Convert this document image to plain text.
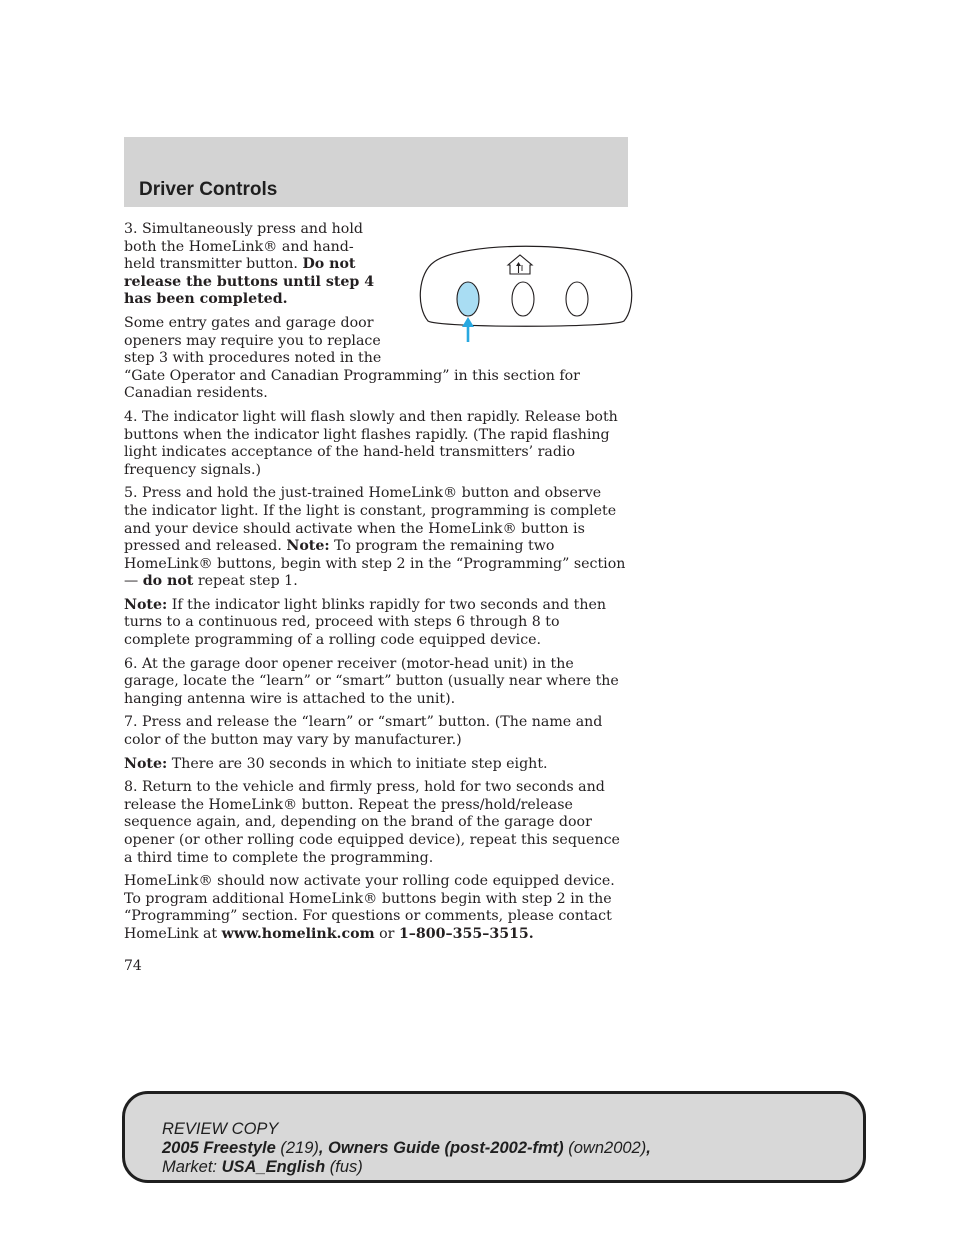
Driver Controls

3. Simultaneously press and hold both the HomeLink® and hand-held transmitter button. Do not release the buttons until step 4 has been completed.

Some entry gates and garage door openers may require you to replace step 3 with procedures noted in the

“Gate Operator and Canadian Programming” in this section for Canadian residents.

4. The indicator light will flash slowly and then rapidly. Release both buttons when the indicator light flashes rapidly. (The rapid flashing light indicates acceptance of the hand-held transmitters’ radio frequency signals.)

5. Press and hold the just-trained HomeLink® button and observe the indicator light. If the light is constant, programming is complete and your device should activate when the HomeLink® button is pressed and released. Note: To program the remaining two HomeLink® buttons, begin with step 2 in the “Programming” section — do not repeat step 1.

Note: If the indicator light blinks rapidly for two seconds and then turns to a continuous red, proceed with steps 6 through 8 to complete programming of a rolling code equipped device.

6. At the garage door opener receiver (motor-head unit) in the garage, locate the “learn” or “smart” button (usually near where the hanging antenna wire is attached to the unit).

7. Press and release the “learn” or “smart” button. (The name and color of the button may vary by manufacturer.)

Note: There are 30 seconds in which to initiate step eight.

8. Return to the vehicle and firmly press, hold for two seconds and release the HomeLink® button. Repeat the press/hold/release sequence again, and, depending on the brand of the garage door opener (or other rolling code equipped device), repeat this sequence a third time to complete the programming.

HomeLink® should now activate your rolling code equipped device. To program additional HomeLink® buttons begin with step 2 in the “Programming” section. For questions or comments, please contact HomeLink at www.homelink.com or 1–800–355–3515.

74
REVIEW COPY
2005 Freestyle (219), Owners Guide (post-2002-fmt) (own2002),
Market: USA_English (fus)
